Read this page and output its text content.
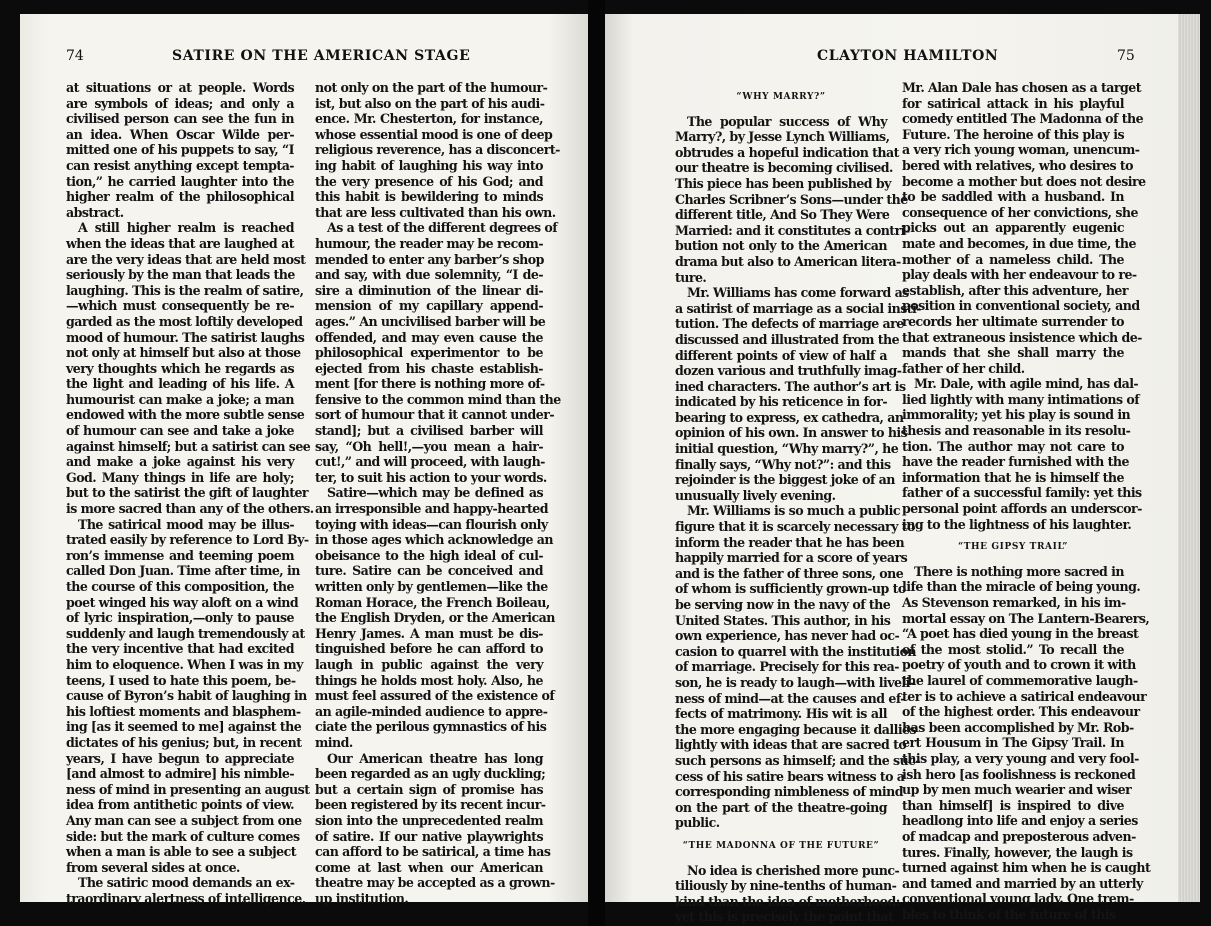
74	SATIRE ON THE AMERICAN STAGE
at situations or at people. Words
are symbols of ideas; and only a
civilised person can see the fun in
an idea. When Oscar Wilde per-
mitted one of his puppets to say, “I
can resist anything except tempta-
tion,” he carried laughter into the
higher realm of the philosophical
abstract.
A still higher realm is reached
when the ideas that are laughed at
are the very ideas that are held most
seriously by the man that leads the
laughing. This is the realm of satire,
—which must consequently be re-
garded as the most loftily developed
mood of humour. The satirist laughs
not only at himself but also at those
very thoughts which he regards as
the light and leading of his life. A
humourist can make a joke; a man
endowed with the more subtle sense
of humour can see and take a joke
against himself; but a satirist can see
and make a joke against his very
God. Many things in life are holy;
but to the satirist the gift of laughter
is more sacred than any of the others.
The satirical mood may be illus-
trated easily by reference to Lord By-
ron’s immense and teeming poem
called Don Juan. Time after time, in
the course of this composition, the
poet winged his way aloft on a wind
of lyric inspiration,—only to pause
suddenly and laugh tremendously at
the very incentive that had excited
him to eloquence. When I was in my
teens, I used to hate this poem, be-
cause of Byron’s habit of laughing in
his loftiest moments and blasphem-
ing [as it seemed to me] against the
dictates of his genius; but, in recent
years, I have begun to appreciate
[and almost to admire] his nimble-
ness of mind in presenting an august
idea from antithetic points of view.
Any man can see a subject from one
side: but the mark of culture comes
when a man is able to see a subject
from several sides at once.
The satiric mood demands an ex-
traordinary alertness of intelligence,
not only on the part of the humour-
ist, but also on the part of his audi-
ence. Mr. Chesterton, for instance,
whose essential mood is one of deep
religious reverence, has a disconcert-
ing habit of laughing his way into
the very presence of his God; and
this habit is bewildering to minds
that are less cultivated than his own.
As a test of the different degrees of
humour, the reader may be recom-
mended to enter any barber’s shop
and say, with due solemnity, “I de-
sire a diminution of the linear di-
mension of my capillary append-
ages.” An uncivilised barber will be
offended, and may even cause the
philosophical experimentor to be
ejected from his chaste establish-
ment [for there is nothing more of-
fensive to the common mind than the
sort of humour that it cannot under-
stand]; but a civilised barber will
say, “Oh hell!,—you mean a hair-
cut!,” and will proceed, with laugh-
ter, to suit his action to your words.
Satire—which may be defined as
an irresponsible and happy-hearted
toying with ideas—can flourish only
in those ages which acknowledge an
obeisance to the high ideal of cul-
ture. Satire can be conceived and
written only by gentlemen—like the
Roman Horace, the French Boileau,
the English Dryden, or the American
Henry James. A man must be dis-
tinguished before he can afford to
laugh in public against the very
things he holds most holy. Also, he
must feel assured of the existence of
an agile-minded audience to appre-
ciate the perilous gymnastics of his
mind.
Our American theatre has long
been regarded as an ugly duckling;
but a certain sign of promise has
been registered by its recent incur-
sion into the unprecedented realm
of satire. If our native playwrights
can afford to be satirical, a time has
come at last when our American
theatre may be accepted as a grown-
up institution.
CLAYTON HAMILTON	75
“WHY MARRY?”
The popular success of Why
Marry?, by Jesse Lynch Williams,
obtrudes a hopeful indication that
our theatre is becoming civilised.
This piece has been published by
Charles Scribner’s Sons—under the
different title, And So They Were
Married: and it constitutes a contri-
bution not only to the American
drama but also to American litera-
ture.
Mr. Williams has come forward as
a satirist of marriage as a social insti-
tution. The defects of marriage are
discussed and illustrated from the
different points of view of half a
dozen various and truthfully imag-
ined characters. The author’s art is
indicated by his reticence in for-
bearing to express, ex cathedra, an
opinion of his own. In answer to his
initial question, “Why marry?”, he
finally says, “Why not?”: and this
rejoinder is the biggest joke of an
unusually lively evening.
Mr. Williams is so much a public
figure that it is scarcely necessary to
inform the reader that he has been
happily married for a score of years
and is the father of three sons, one
of whom is sufficiently grown-up to
be serving now in the navy of the
United States. This author, in his
own experience, has never had oc-
casion to quarrel with the institution
of marriage. Precisely for this rea-
son, he is ready to laugh—with liveli-
ness of mind—at the causes and ef-
fects of matrimony. His wit is all
the more engaging because it dallies
lightly with ideas that are sacred to
such persons as himself; and the suc-
cess of his satire bears witness to a
corresponding nimbleness of mind
on the part of the theatre-going
public.
“THE MADONNA OF THE FUTURE”
No idea is cherished more punc-
tiliously by nine-tenths of human-
kind than the idea of motherhood:
yet this is precisely the point that
Mr. Alan Dale has chosen as a target
for satirical attack in his playful
comedy entitled The Madonna of the
Future. The heroine of this play is
a very rich young woman, unencum-
bered with relatives, who desires to
become a mother but does not desire
to be saddled with a husband. In
consequence of her convictions, she
picks out an apparently eugenic
mate and becomes, in due time, the
mother of a nameless child. The
play deals with her endeavour to re-
establish, after this adventure, her
position in conventional society, and
records her ultimate surrender to
that extraneous insistence which de-
mands that she shall marry the
father of her child.
Mr. Dale, with agile mind, has dal-
lied lightly with many intimations of
immorality; yet his play is sound in
thesis and reasonable in its resolu-
tion. The author may not care to
have the reader furnished with the
information that he is himself the
father of a successful family: yet this
personal point affords an underscor-
ing to the lightness of his laughter.
“THE GIPSY TRAIL”
There is nothing more sacred in
life than the miracle of being young.
As Stevenson remarked, in his im-
mortal essay on The Lantern-Bearers,
“A poet has died young in the breast
of the most stolid.” To recall the
poetry of youth and to crown it with
the laurel of commemorative laugh-
ter is to achieve a satirical endeavour
of the highest order. This endeavour
has been accomplished by Mr. Rob-
ert Housum in The Gipsy Trail. In
this play, a very young and very fool-
ish hero [as foolishness is reckoned
up by men much wearier and wiser
than himself] is inspired to dive
headlong into life and enjoy a series
of madcap and preposterous adven-
tures. Finally, however, the laugh is
turned against him when he is caught
and tamed and married by an utterly
conventional young lady. One trem-
bles to think of the future of this
